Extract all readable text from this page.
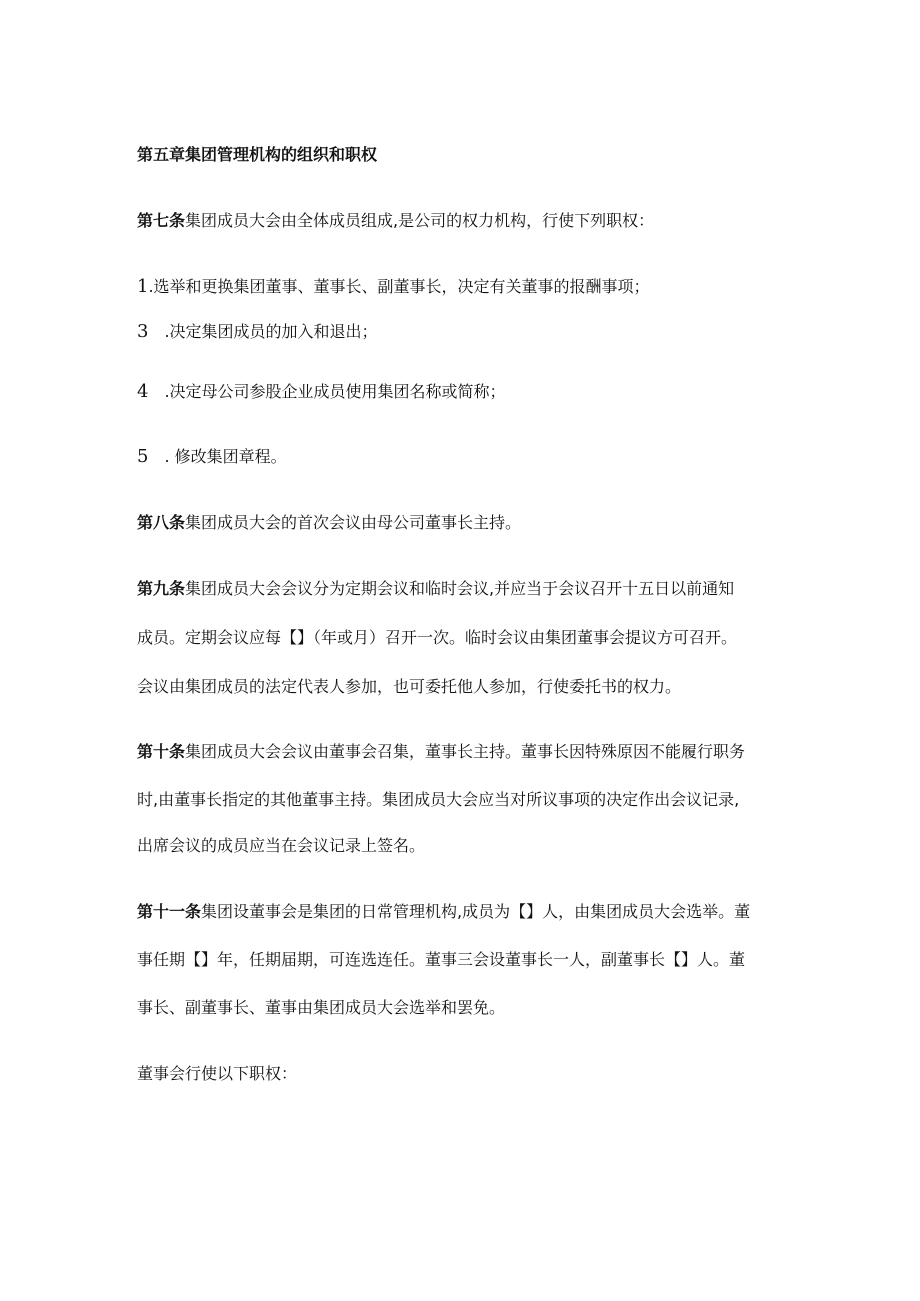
第五章集团管理机构的组织和职权
第七条集团成员大会由全体成员组成,是公司的权力机构，行使下列职权：
1.选举和更换集团董事、董事长、副董事长，决定有关董事的报酬事项；
3 .决定集团成员的加入和退出；
4 .决定母公司参股企业成员使用集团名称或简称；
5 . 修改集团章程。
第八条集团成员大会的首次会议由母公司董事长主持。
第九条集团成员大会会议分为定期会议和临时会议,并应当于会议召开十五日以前通知
成员。定期会议应每【】（年或月）召开一次。临时会议由集团董事会提议方可召开。
会议由集团成员的法定代表人参加，也可委托他人参加，行使委托书的权力。
第十条集团成员大会会议由董事会召集，董事长主持。董事长因特殊原因不能履行职务
时,由董事长指定的其他董事主持。集团成员大会应当对所议事项的决定作出会议记录,
出席会议的成员应当在会议记录上签名。
第十一条集团设董事会是集团的日常管理机构,成员为【】人，由集团成员大会选举。董
事任期【】年，任期届期，可连选连任。董事三会设董事长一人，副董事长【】人。董
事长、副董事长、董事由集团成员大会选举和罢免。
董事会行使以下职权：
